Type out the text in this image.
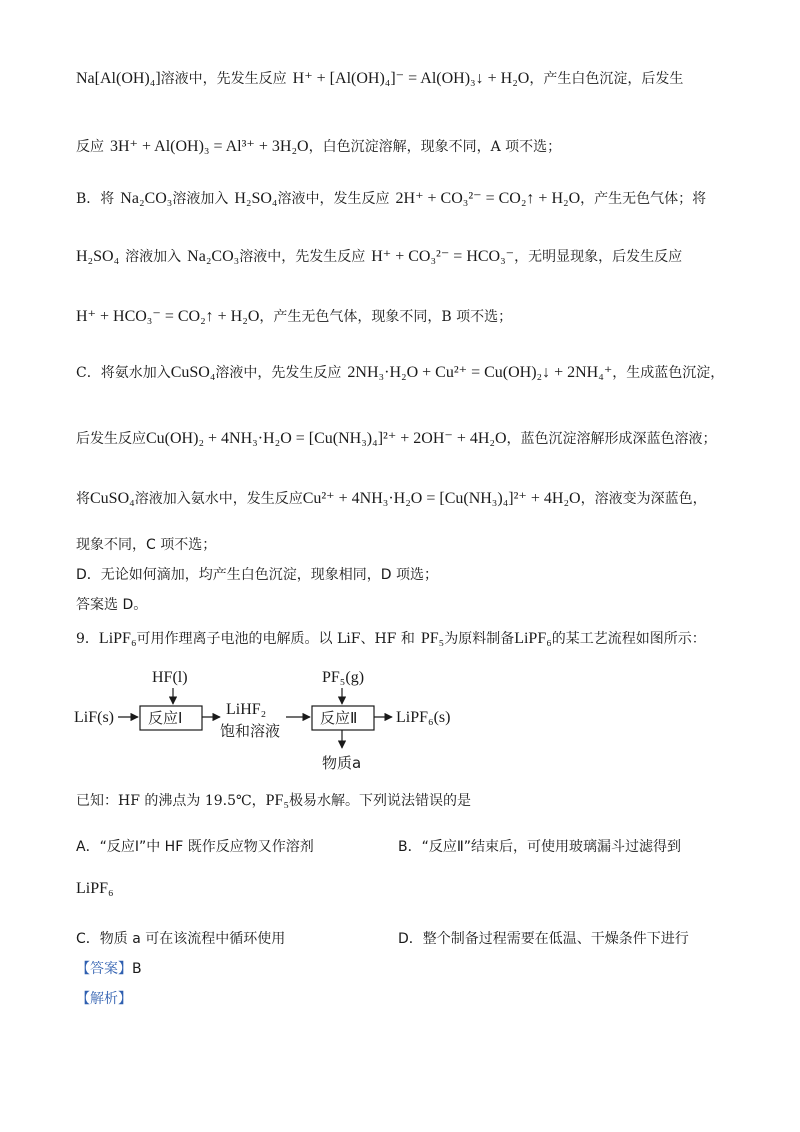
Na[Al(OH)₄]溶液中，先发生反应 H⁺ + [Al(OH)₄]⁻ = Al(OH)₃↓ + H₂O，产生白色沉淀，后发生
反应 3H⁺ + Al(OH)₃ = Al³⁺ + 3H₂O，白色沉淀溶解，现象不同，A 项不选；
B．将 Na₂CO₃溶液加入 H₂SO₄溶液中，发生反应 2H⁺ + CO₃²⁻ = CO₂↑ + H₂O，产生无色气体；将
H₂SO₄ 溶液加入 Na₂CO₃溶液中，先发生反应 H⁺ + CO₃²⁻ = HCO₃⁻，无明显现象，后发生反应
H⁺ + HCO₃⁻ = CO₂↑ + H₂O，产生无色气体，现象不同，B 项不选；
C．将氨水加入CuSO₄溶液中，先发生反应 2NH₃·H₂O + Cu²⁺ = Cu(OH)₂↓ + 2NH₄⁺，生成蓝色沉淀，
后发生反应Cu(OH)₂ + 4NH₃·H₂O = [Cu(NH₃)₄]²⁺ + 2OH⁻ + 4H₂O，蓝色沉淀溶解形成深蓝色溶液；
将CuSO₄溶液加入氨水中，发生反应Cu²⁺ + 4NH₃·H₂O = [Cu(NH₃)₄]²⁺ + 4H₂O，溶液变为深蓝色，
现象不同，C 项不选；
D．无论如何滴加，均产生白色沉淀，现象相同，D 项选；
答案选 D。
9．LiPF₆可用作理离子电池的电解质。以 LiF、HF 和 PF₅为原料制备LiPF₆的某工艺流程如图所示：
HF(l)
LiF(s) 反应Ⅰ	LiHF₂
饱和溶液
PF₅(g)
反应Ⅱ LiPF₆(s)
物质a
已知：HF 的沸点为 19.5℃，PF₅极易水解。下列说法错误的是
A．“反应Ⅰ”中 HF 既作反应物又作溶剂	B．“反应Ⅱ”结束后，可使用玻璃漏斗过滤得到
LiPF₆
C．物质 a 可在该流程中循环使用	D．整个制备过程需要在低温、干燥条件下进行
【答案】B
【解析】
